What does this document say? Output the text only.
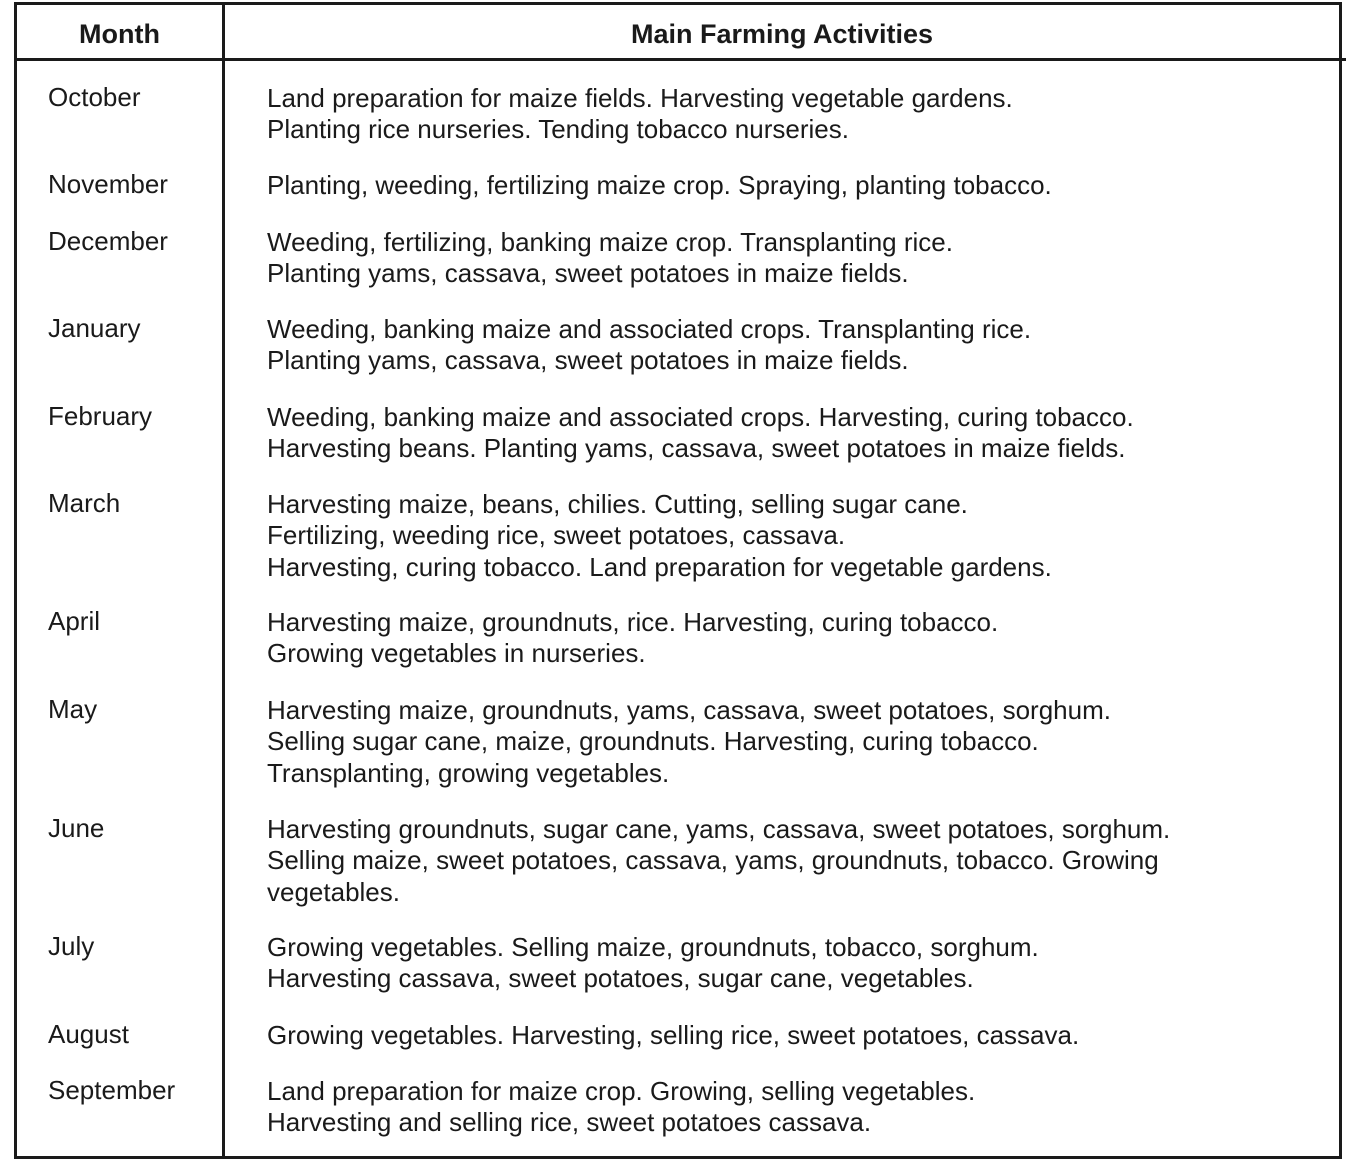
Month	Main Farming Activities
October	Land preparation for maize fields. Harvesting vegetable gardens.
Planting rice nurseries. Tending tobacco nurseries.
November	Planting, weeding, fertilizing maize crop. Spraying, planting tobacco.
December	Weeding, fertilizing, banking maize crop. Transplanting rice.
Planting yams, cassava, sweet potatoes in maize fields.
January	Weeding, banking maize and associated crops. Transplanting rice.
Planting yams, cassava, sweet potatoes in maize fields.
February	Weeding, banking maize and associated crops. Harvesting, curing tobacco.
Harvesting beans. Planting yams, cassava, sweet potatoes in maize fields.
March	Harvesting maize, beans, chilies. Cutting, selling sugar cane.
Fertilizing, weeding rice, sweet potatoes, cassava.
Harvesting, curing tobacco. Land preparation for vegetable gardens.
April	Harvesting maize, groundnuts, rice. Harvesting, curing tobacco.
Growing vegetables in nurseries.
May	Harvesting maize, groundnuts, yams, cassava, sweet potatoes, sorghum.
Selling sugar cane, maize, groundnuts. Harvesting, curing tobacco.
Transplanting, growing vegetables.
June	Harvesting groundnuts, sugar cane, yams, cassava, sweet potatoes, sorghum.
Selling maize, sweet potatoes, cassava, yams, groundnuts, tobacco. Growing
vegetables.
July	Growing vegetables. Selling maize, groundnuts, tobacco, sorghum.
Harvesting cassava, sweet potatoes, sugar cane, vegetables.
August	Growing vegetables. Harvesting, selling rice, sweet potatoes, cassava.
September	Land preparation for maize crop. Growing, selling vegetables.
Harvesting and selling rice, sweet potatoes cassava.
